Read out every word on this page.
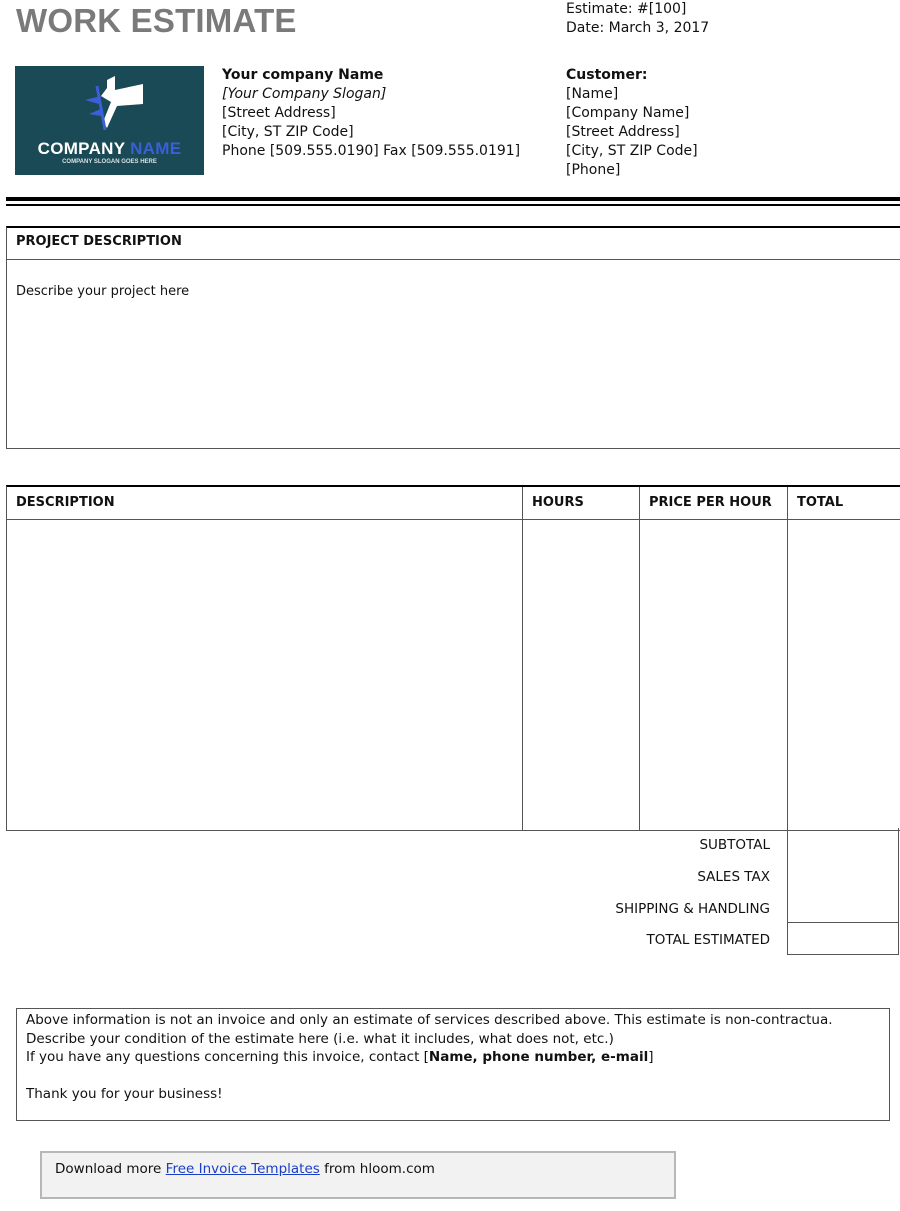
WORK ESTIMATE	Estimate: #[100]
Date: March 3, 2017
COMPANY NAME
COMPANY SLOGAN GOES HERE
Your company Name
[Your Company Slogan]
[Street Address]
[City, ST ZIP Code]
Phone [509.555.0190] Fax [509.555.0191]
Customer:
[Name]
[Company Name]
[Street Address]
[City, ST ZIP Code]
[Phone]
PROJECT DESCRIPTION
Describe your project here
DESCRIPTION	HOURS	PRICE PER HOUR	TOTAL
SUBTOTAL
SALES TAX
SHIPPING & HANDLING
TOTAL ESTIMATED
Above information is not an invoice and only an estimate of services described above. This estimate is non-contractua.
Describe your condition of the estimate here (i.e. what it includes, what does not, etc.)
If you have any questions concerning this invoice, contact [Name, phone number, e-mail]
Thank you for your business!
Download more Free Invoice Templates from hloom.com
